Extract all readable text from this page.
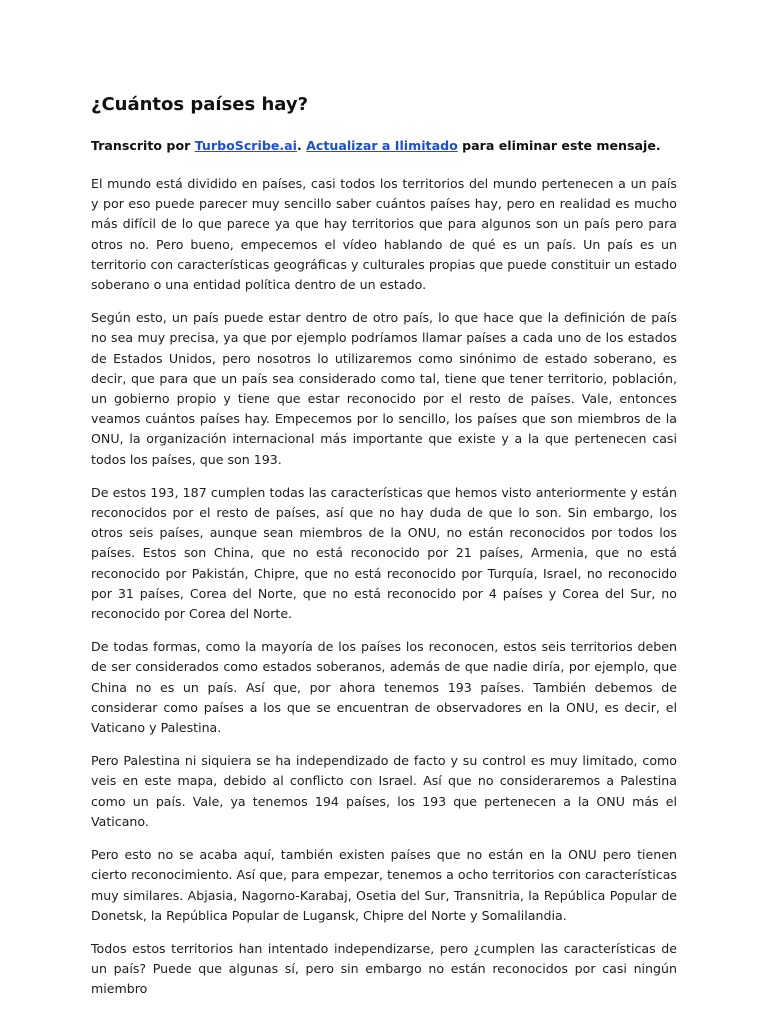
¿Cuántos países hay?
Transcrito por TurboScribe.ai. Actualizar a Ilimitado para eliminar este mensaje.

El mundo está dividido en países, casi todos los territorios del mundo pertenecen a un país y por eso puede parecer muy sencillo saber cuántos países hay, pero en realidad es mucho más difícil de lo que parece ya que hay territorios que para algunos son un país pero para otros no. Pero bueno, empecemos el vídeo hablando de qué es un país. Un país es un territorio con características geográficas y culturales propias que puede constituir un estado soberano o una entidad política dentro de un estado.

Según esto, un país puede estar dentro de otro país, lo que hace que la definición de país no sea muy precisa, ya que por ejemplo podríamos llamar países a cada uno de los estados de Estados Unidos, pero nosotros lo utilizaremos como sinónimo de estado soberano, es decir, que para que un país sea considerado como tal, tiene que tener territorio, población, un gobierno propio y tiene que estar reconocido por el resto de países. Vale, entonces veamos cuántos países hay. Empecemos por lo sencillo, los países que son miembros de la ONU, la organización internacional más importante que existe y a la que pertenecen casi todos los países, que son 193.

De estos 193, 187 cumplen todas las características que hemos visto anteriormente y están reconocidos por el resto de países, así que no hay duda de que lo son. Sin embargo, los otros seis países, aunque sean miembros de la ONU, no están reconocidos por todos los países. Estos son China, que no está reconocido por 21 países, Armenia, que no está reconocido por Pakistán, Chipre, que no está reconocido por Turquía, Israel, no reconocido por 31 países, Corea del Norte, que no está reconocido por 4 países y Corea del Sur, no reconocido por Corea del Norte.

De todas formas, como la mayoría de los países los reconocen, estos seis territorios deben de ser considerados como estados soberanos, además de que nadie diría, por ejemplo, que China no es un país. Así que, por ahora tenemos 193 países. También debemos de considerar como países a los que se encuentran de observadores en la ONU, es decir, el Vaticano y Palestina.

Pero Palestina ni siquiera se ha independizado de facto y su control es muy limitado, como veis en este mapa, debido al conflicto con Israel. Así que no consideraremos a Palestina como un país. Vale, ya tenemos 194 países, los 193 que pertenecen a la ONU más el Vaticano.

Pero esto no se acaba aquí, también existen países que no están en la ONU pero tienen cierto reconocimiento. Así que, para empezar, tenemos a ocho territorios con características muy similares. Abjasia, Nagorno-Karabaj, Osetia del Sur, Transnitria, la República Popular de Donetsk, la República Popular de Lugansk, Chipre del Norte y Somalilandia.

Todos estos territorios han intentado independizarse, pero ¿cumplen las características de un país? Puede que algunas sí, pero sin embargo no están reconocidos por casi ningún miembro
